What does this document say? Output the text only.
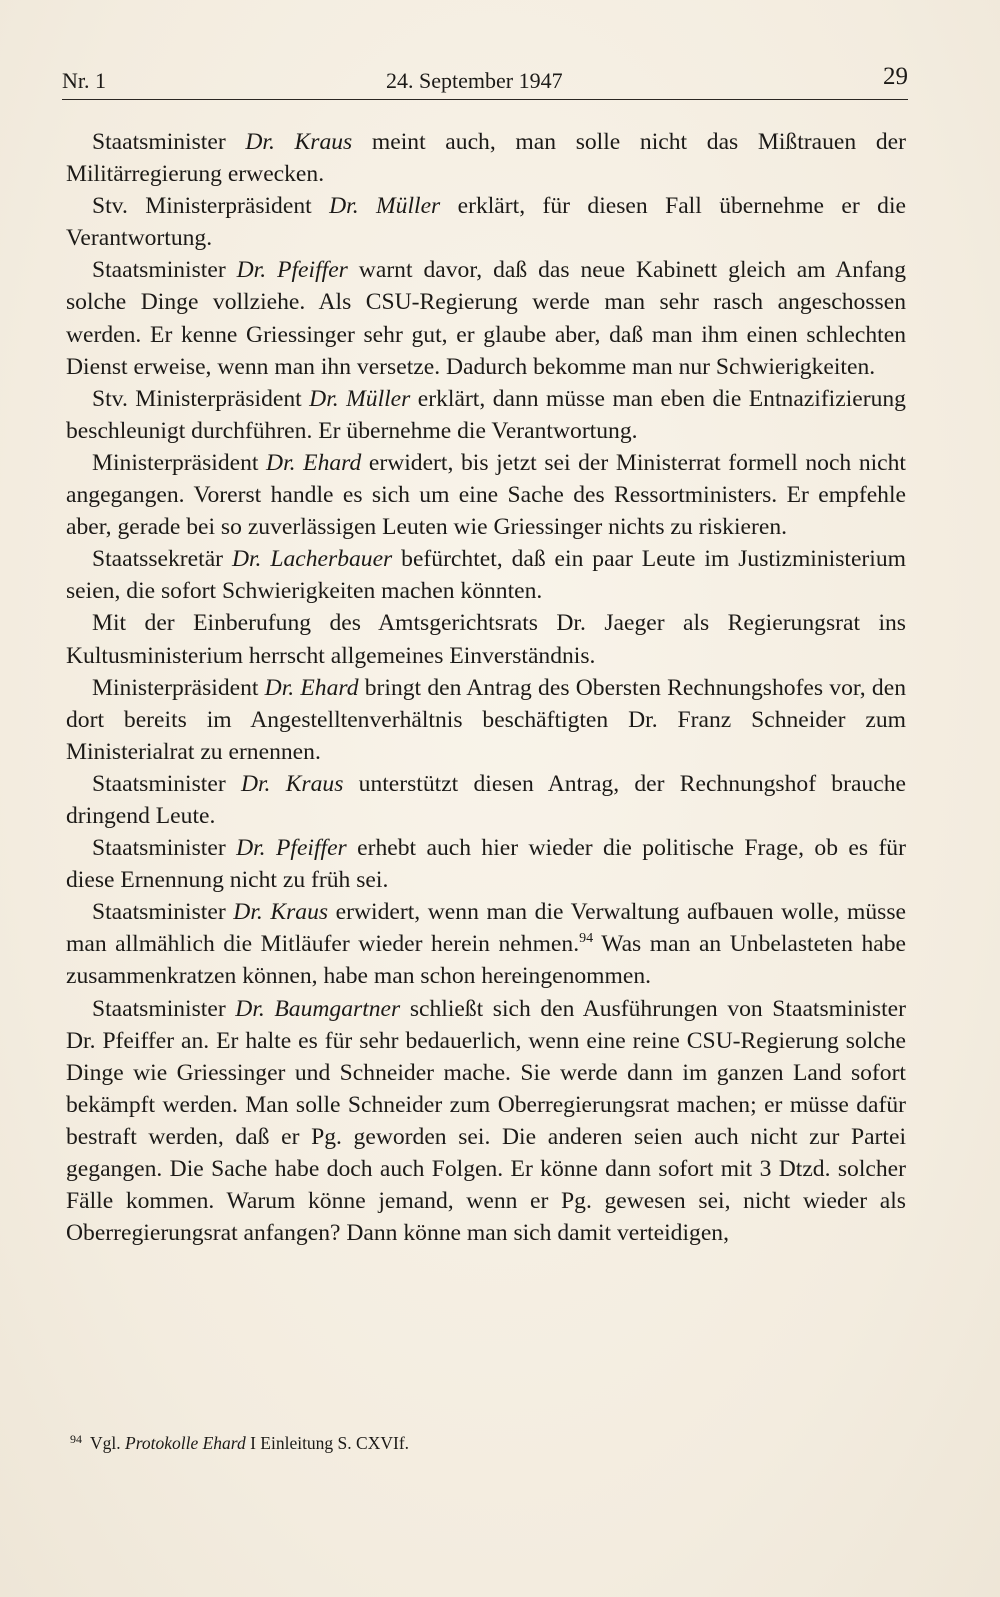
Nr. 1	24. September 1947	29

Staatsminister Dr. Kraus meint auch, man solle nicht das Mißtrauen der Militärregierung erwecken.

Stv. Ministerpräsident Dr. Müller erklärt, für diesen Fall übernehme er die Verantwortung.

Staatsminister Dr. Pfeiffer warnt davor, daß das neue Kabinett gleich am Anfang solche Dinge vollziehe. Als CSU-Regierung werde man sehr rasch angeschossen werden. Er kenne Griessinger sehr gut, er glaube aber, daß man ihm einen schlechten Dienst erweise, wenn man ihn versetze. Dadurch bekomme man nur Schwierigkeiten.

Stv. Ministerpräsident Dr. Müller erklärt, dann müsse man eben die Entnazifizierung beschleunigt durchführen. Er übernehme die Verantwortung.

Ministerpräsident Dr. Ehard erwidert, bis jetzt sei der Ministerrat formell noch nicht angegangen. Vorerst handle es sich um eine Sache des Ressortministers. Er empfehle aber, gerade bei so zuverlässigen Leuten wie Griessinger nichts zu riskieren.

Staatssekretär Dr. Lacherbauer befürchtet, daß ein paar Leute im Justizministerium seien, die sofort Schwierigkeiten machen könnten.

Mit der Einberufung des Amtsgerichtsrats Dr. Jaeger als Regierungsrat ins Kultusministerium herrscht allgemeines Einverständnis.

Ministerpräsident Dr. Ehard bringt den Antrag des Obersten Rechnungshofes vor, den dort bereits im Angestelltenverhältnis beschäftigten Dr. Franz Schneider zum Ministerialrat zu ernennen.

Staatsminister Dr. Kraus unterstützt diesen Antrag, der Rechnungshof brauche dringend Leute.

Staatsminister Dr. Pfeiffer erhebt auch hier wieder die politische Frage, ob es für diese Ernennung nicht zu früh sei.

Staatsminister Dr. Kraus erwidert, wenn man die Verwaltung aufbauen wolle, müsse man allmählich die Mitläufer wieder herein nehmen.$^{94}$ Was man an Unbelasteten habe zusammenkratzen können, habe man schon hereingenommen.

Staatsminister Dr. Baumgartner schließt sich den Ausführungen von Staatsminister Dr. Pfeiffer an. Er halte es für sehr bedauerlich, wenn eine reine CSU-Regierung solche Dinge wie Griessinger und Schneider mache. Sie werde dann im ganzen Land sofort bekämpft werden. Man solle Schneider zum Oberregierungsrat machen; er müsse dafür bestraft werden, daß er Pg. geworden sei. Die anderen seien auch nicht zur Partei gegangen. Die Sache habe doch auch Folgen. Er könne dann sofort mit 3 Dtzd. solcher Fälle kommen. Warum könne jemand, wenn er Pg. gewesen sei, nicht wieder als Oberregierungsrat anfangen? Dann könne man sich damit verteidigen,

$^{94}$ Vgl. Protokolle Ehard I Einleitung S. CXVIf.
